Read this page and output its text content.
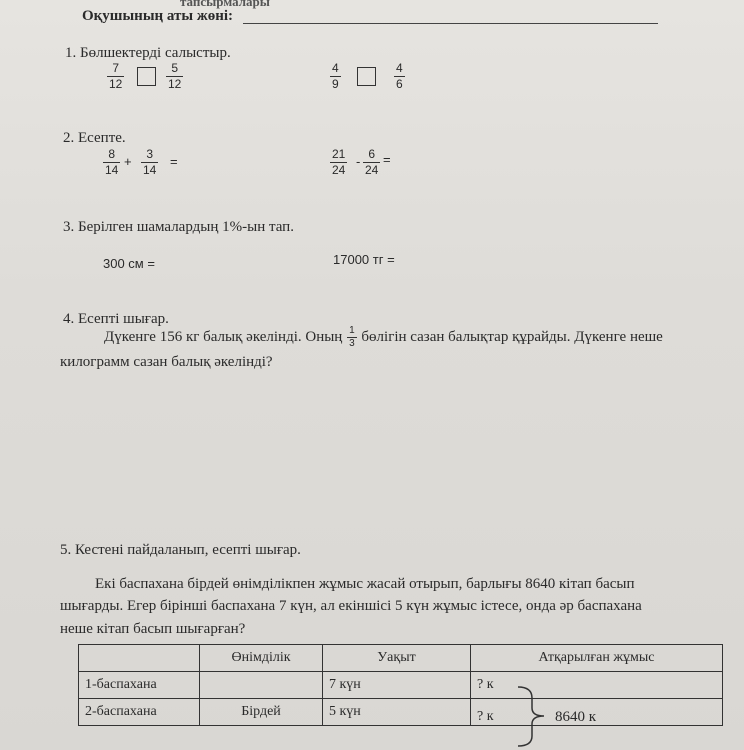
тапсырмалары
Оқушының аты жөні:
1. Бөлшектерді салыстыр.
7
12
5
12
4
9
4
6
2. Есепте.
8
14
+ 3
14
=	21
24
- 6
24
=
3. Берілген шамалардың 1%-ын тап.
300 см =	17000 тг =
4. Есепті шығар.
Дүкенге 156 кг балық әкелінді. Оның $\frac{1}{3}$ бөлігін сазан балықтар құрайды. Дүкенге неше
килограмм сазан балық әкелінді?
5. Кестені пайдаланып, есепті шығар.
Екі баспахана бірдей өнімділікпен жұмыс жасай отырып, барлығы 8640 кітап басып
шығарды. Егер біріншi баспахана 7 күн, ал екіншісі 5 күн жұмыс істесе, онда әр баспахана
неше кітап басып шығарған?
	Өнімділік	Уақыт	Атқарылған жұмыс
1-баспахана		7 күн	? к
2-баспахана	Бірдей	5 күн	? к	8640 к
